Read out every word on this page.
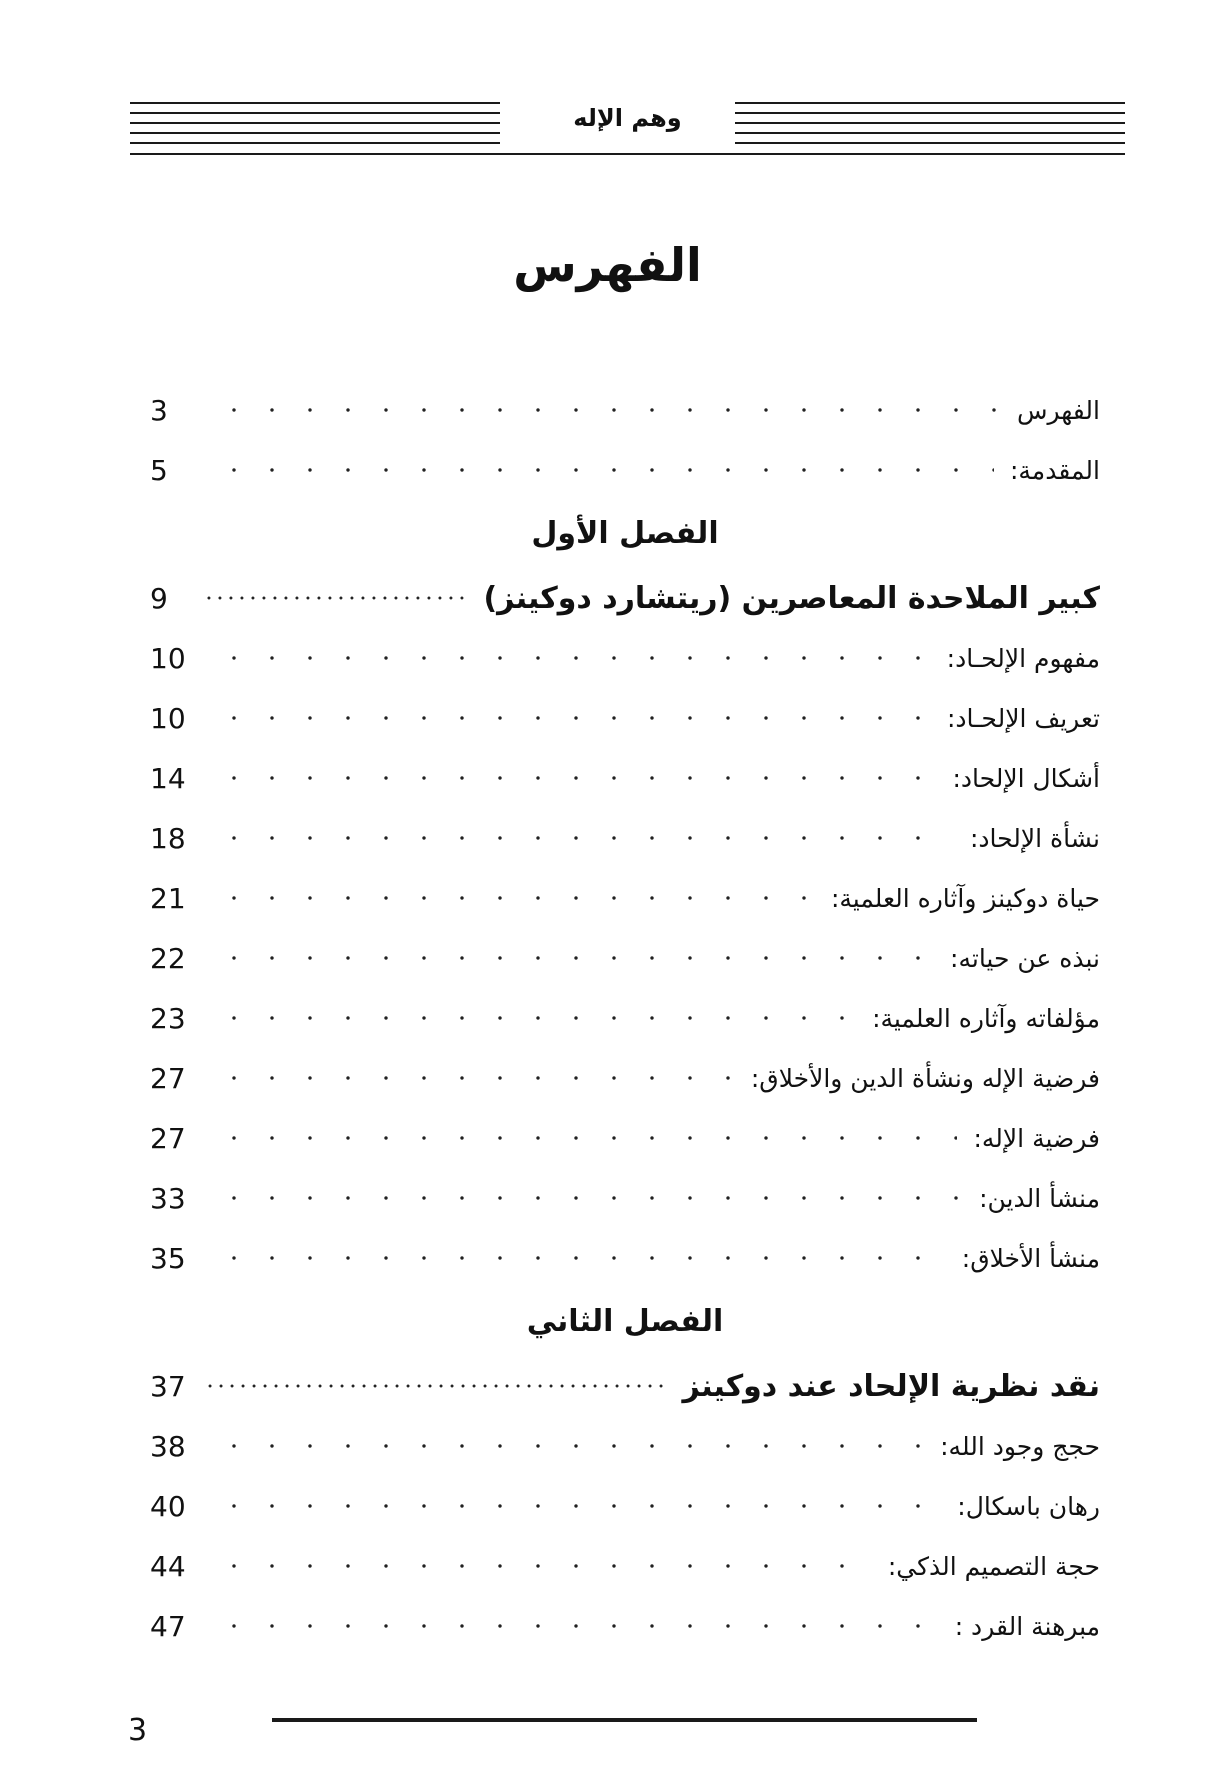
وهم الإله
الفهرس
الفهرس
3
المقدمة:
5
الفصل الأول
كبير الملاحدة المعاصرين (ريتشارد دوكينز)
9
مفهوم الإلحـاد:
10
تعريف الإلحـاد:
10
أشكال الإلحاد:
14
نشأة الإلحاد:
18
حياة دوكينز وآثاره العلمية:
21
نبذه عن حياته:
22
مؤلفاته وآثاره العلمية:
23
فرضية الإله ونشأة الدين والأخلاق:
27
فرضية الإله:
27
منشأ الدين:
33
منشأ الأخلاق:
35
الفصل الثاني
نقد نظرية الإلحاد عند دوكينز
37
حجج وجود الله:
38
رهان باسكال:
40
حجة التصميم الذكي:
44
مبرهنة القرد :
47
3
